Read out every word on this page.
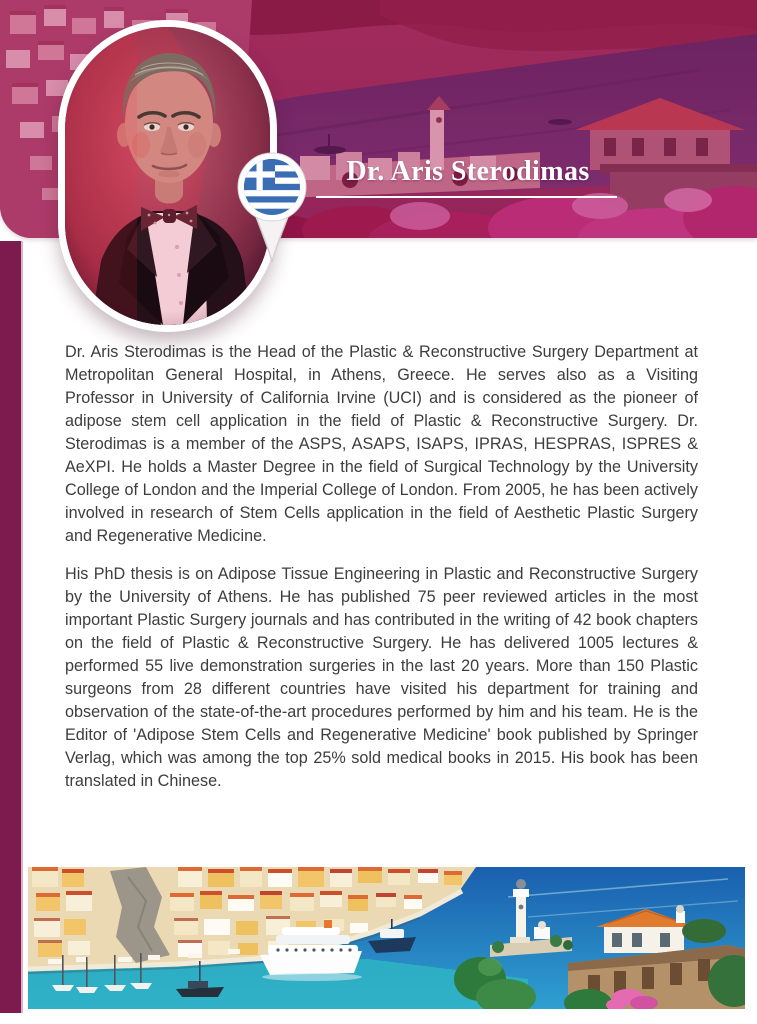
Dr. Aris Sterodimas

Dr. Aris Sterodimas is the Head of the Plastic & Reconstructive Surgery Department at Metropolitan General Hospital, in Athens, Greece. He serves also as a Visiting Professor in University of California Irvine (UCI) and is considered as the pioneer of adipose stem cell application in the field of Plastic & Reconstructive Surgery. Dr. Sterodimas is a member of the ASPS, ASAPS, ISAPS, IPRAS, HESPRAS, ISPRES & AeXPI. He holds a Master Degree in the field of Surgical Technology by the University College of London and the Imperial College of London. From 2005, he has been actively involved in research of Stem Cells application in the field of Aesthetic Plastic Surgery and Regenerative Medicine.

His PhD thesis is on Adipose Tissue Engineering in Plastic and Reconstructive Surgery by the University of Athens. He has published 75 peer reviewed articles in the most important Plastic Surgery journals and has contributed in the writing of 42 book chapters on the field of Plastic & Reconstructive Surgery. He has delivered 1005 lectures & performed 55 live demonstration surgeries in the last 20 years. More than 150 Plastic surgeons from 28 different countries have visited his department for training and observation of the state-of-the-art procedures performed by him and his team. He is the Editor of 'Adipose Stem Cells and Regenerative Medicine' book published by Springer Verlag, which was among the top 25% sold medical books in 2015. His book has been translated in Chinese.
